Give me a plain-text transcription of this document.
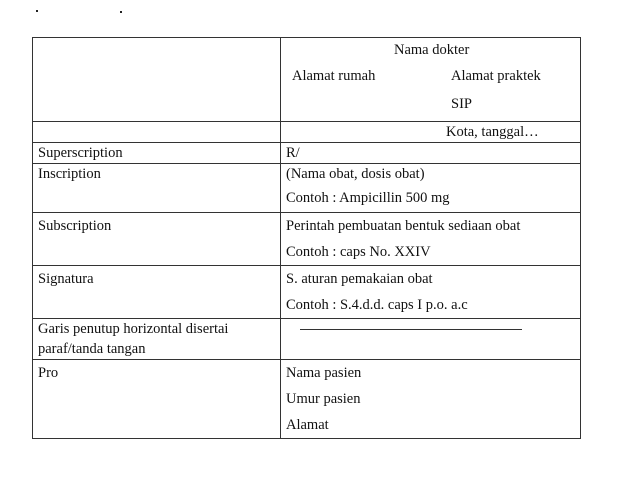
	Nama dokter
Alamat rumah Alamat praktek
SIP

	Kota, tanggal…

Superscription	R/

Inscription	(Nama obat, dosis obat)
Contoh : Ampicillin 500 mg

Subscription	Perintah pembuatan bentuk sediaan obat
Contoh : caps No. XXIV

Signatura	S. aturan pemakaian obat
Contoh : S.4.d.d. caps I p.o. a.c

Garis penutup horizontal disertai
paraf/tanda tangan	

Pro	Nama pasien
Umur pasien
Alamat
